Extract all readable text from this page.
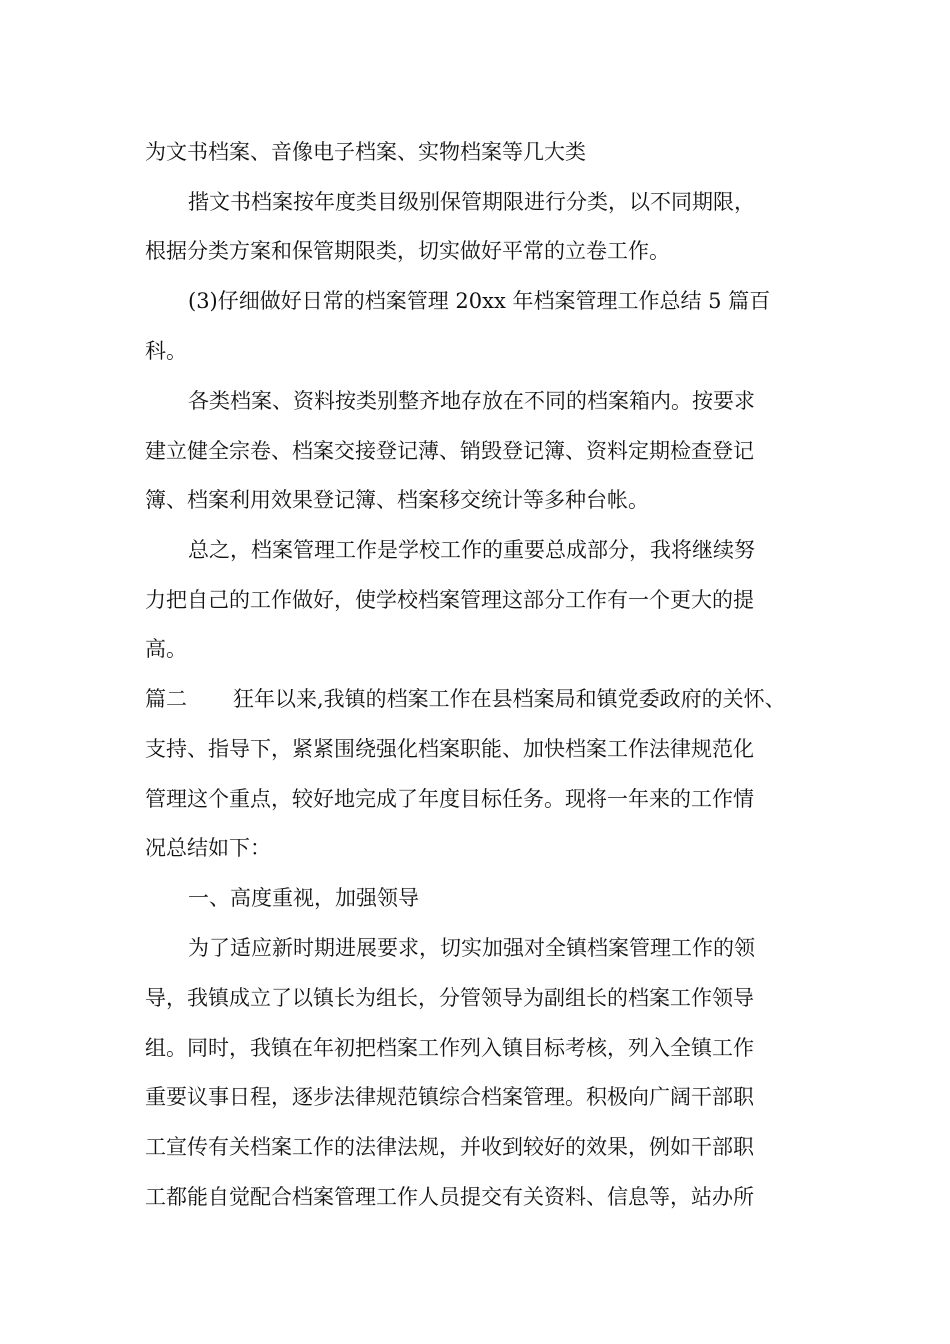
为文书档案、音像电子档案、实物档案等几大类

揩文书档案按年度类目级别保管期限进行分类，以不同期限，

根据分类方案和保管期限类，切实做好平常的立卷工作。

(3)仔细做好日常的档案管理 20xx 年档案管理工作总结 5 篇百

科。

各类档案、资料按类别整齐地存放在不同的档案箱内。按要求

建立健全宗卷、档案交接登记薄、销毁登记簿、资料定期检查登记

簿、档案利用效果登记簿、档案移交统计等多种台帐。

总之，档案管理工作是学校工作的重要总成部分，我将继续努

力把自己的工作做好，使学校档案管理这部分工作有一个更大的提

高。

篇二 狂年以来,我镇的档案工作在县档案局和镇党委政府的关怀、

支持、指导下，紧紧围绕强化档案职能、加快档案工作法律规范化

管理这个重点，较好地完成了年度目标任务。现将一年来的工作情

况总结如下：

一、高度重视，加强领导

为了适应新时期进展要求，切实加强对全镇档案管理工作的领

导，我镇成立了以镇长为组长，分管领导为副组长的档案工作领导

组。同时，我镇在年初把档案工作列入镇目标考核，列入全镇工作

重要议事日程，逐步法律规范镇综合档案管理。积极向广阔干部职

工宣传有关档案工作的法律法规，并收到较好的效果，例如干部职

工都能自觉配合档案管理工作人员提交有关资料、信息等，站办所
